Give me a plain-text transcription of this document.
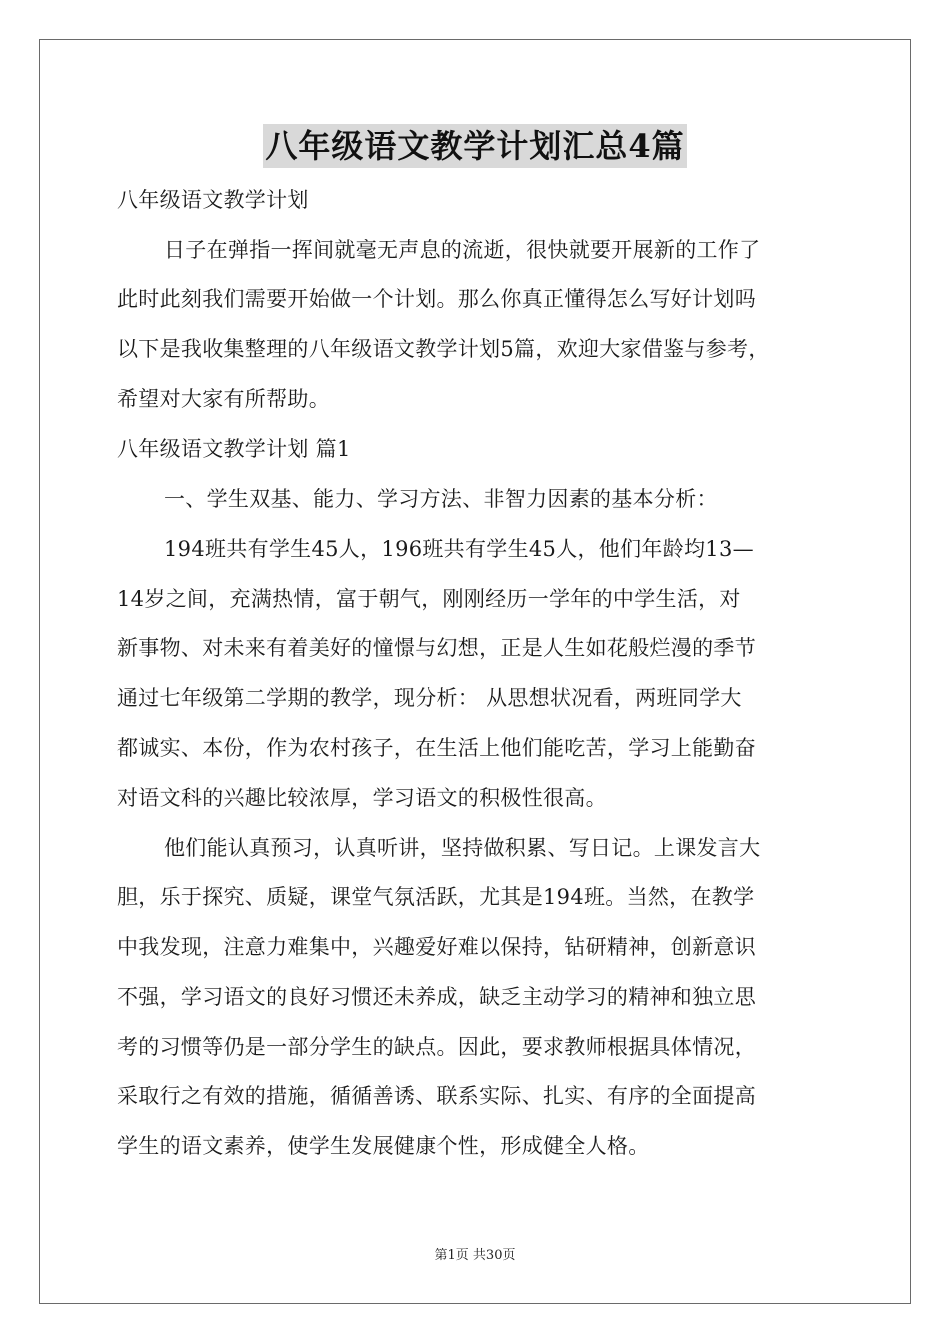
八年级语文教学计划汇总4篇
八年级语文教学计划
日子在弹指一挥间就毫无声息的流逝，很快就要开展新的工作了
此时此刻我们需要开始做一个计划。那么你真正懂得怎么写好计划吗
以下是我收集整理的八年级语文教学计划5篇，欢迎大家借鉴与参考，
希望对大家有所帮助。
八年级语文教学计划 篇1
一、学生双基、能力、学习方法、非智力因素的基本分析：
194班共有学生45人，196班共有学生45人，他们年龄均13—
14岁之间，充满热情，富于朝气，刚刚经历一学年的中学生活，对
新事物、对未来有着美好的憧憬与幻想，正是人生如花般烂漫的季节
通过七年级第二学期的教学，现分析： 从思想状况看，两班同学大
都诚实、本份，作为农村孩子，在生活上他们能吃苦，学习上能勤奋
对语文科的兴趣比较浓厚，学习语文的积极性很高。
他们能认真预习，认真听讲，坚持做积累、写日记。上课发言大
胆，乐于探究、质疑，课堂气氛活跃，尤其是194班。当然，在教学
中我发现，注意力难集中，兴趣爱好难以保持，钻研精神，创新意识
不强，学习语文的良好习惯还未养成，缺乏主动学习的精神和独立思
考的习惯等仍是一部分学生的缺点。因此，要求教师根据具体情况，
采取行之有效的措施，循循善诱、联系实际、扎实、有序的全面提高
学生的语文素养，使学生发展健康个性，形成健全人格。
第1页 共30页
